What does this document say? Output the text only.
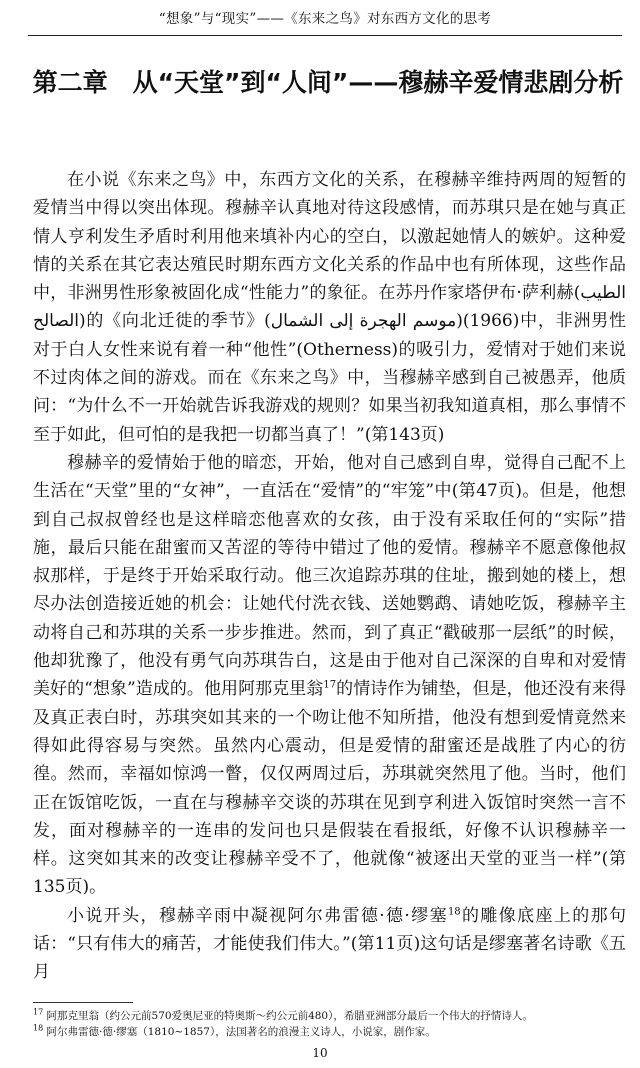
“想象”与“现实”——《东来之鸟》对东西方文化的思考
第二章　从“天堂”到“人间”——穆赫辛爱情悲剧分析

在小说《东来之鸟》中，东西方文化的关系，在穆赫辛维持两周的短暂的爱情当中得以突出体现。穆赫辛认真地对待这段感情，而苏琪只是在她与真正情人亨利发生矛盾时利用他来填补内心的空白，以激起她情人的嫉妒。这种爱情的关系在其它表达殖民时期东西方文化关系的作品中也有所体现，这些作品中，非洲男性形象被固化成“性能力”的象征。在苏丹作家塔伊布·萨利赫(الطيب الصالح)的《向北迁徙的季节》(موسم الهجرة إلى الشمال)(1966)中，非洲男性对于白人女性来说有着一种“他性”(Otherness)的吸引力，爱情对于她们来说不过肉体之间的游戏。而在《东来之鸟》中，当穆赫辛感到自己被愚弄，他质问：“为什么不一开始就告诉我游戏的规则？如果当初我知道真相，那么事情不至于如此，但可怕的是我把一切都当真了！”(第143页)

穆赫辛的爱情始于他的暗恋，开始，他对自己感到自卑，觉得自己配不上生活在“天堂”里的“女神”，一直活在“爱情”的“牢笼”中(第47页)。但是，他想到自己叔叔曾经也是这样暗恋他喜欢的女孩，由于没有采取任何的“实际”措施，最后只能在甜蜜而又苦涩的等待中错过了他的爱情。穆赫辛不愿意像他叔叔那样，于是终于开始采取行动。他三次追踪苏琪的住址，搬到她的楼上，想尽办法创造接近她的机会：让她代付洗衣钱、送她鹦鹉、请她吃饭，穆赫辛主动将自己和苏琪的关系一步步推进。然而，到了真正“戳破那一层纸”的时候，他却犹豫了，他没有勇气向苏琪告白，这是由于他对自己深深的自卑和对爱情美好的“想象”造成的。他用阿那克里翁$^{17}$的情诗作为铺垫，但是，他还没有来得及真正表白时，苏琪突如其来的一个吻让他不知所措，他没有想到爱情竟然来得如此得容易与突然。虽然内心震动，但是爱情的甜蜜还是战胜了内心的彷徨。然而，幸福如惊鸿一瞥，仅仅两周过后，苏琪就突然甩了他。当时，他们正在饭馆吃饭，一直在与穆赫辛交谈的苏琪在见到亨利进入饭馆时突然一言不发，面对穆赫辛的一连串的发问也只是假装在看报纸，好像不认识穆赫辛一样。这突如其来的改变让穆赫辛受不了，他就像“被逐出天堂的亚当一样”(第135页)。

小说开头，穆赫辛雨中凝视阿尔弗雷德·德·缪塞$^{18}$的雕像底座上的那句话：“只有伟大的痛苦，才能使我们伟大。”(第11页)这句话是缪塞著名诗歌《五月

$^{17}$ 阿那克里翁（约公元前570爱奥尼亚的特奥斯～约公元前480），希腊亚洲部分最后一个伟大的抒情诗人。

$^{18}$ 阿尔弗雷德·德·缪塞（1810~1857），法国著名的浪漫主义诗人，小说家，剧作家。

10
